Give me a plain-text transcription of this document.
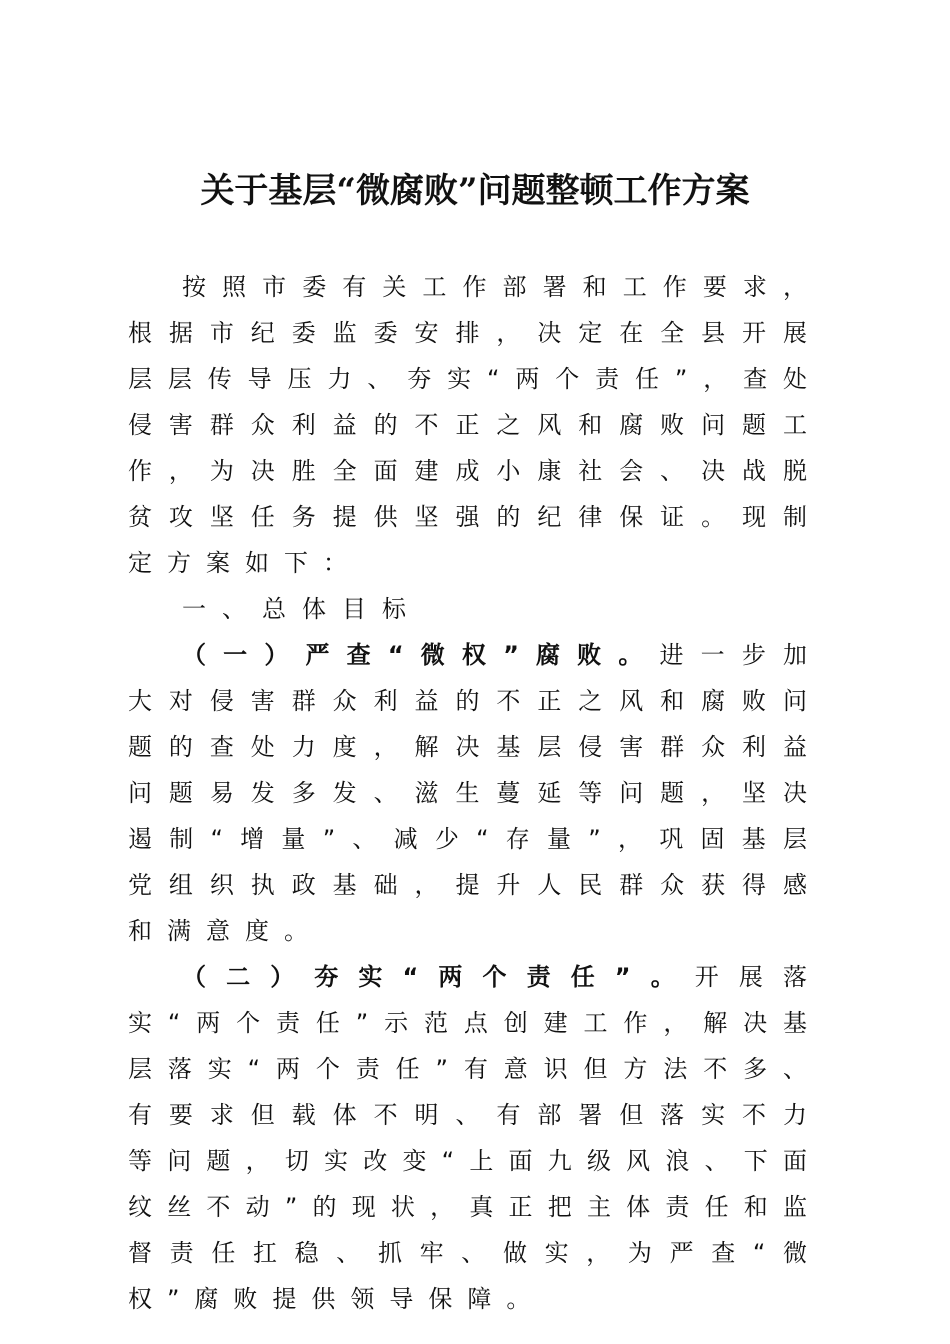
关于基层“微腐败”问题整顿工作方案

按照市委有关工作部署和工作要求，根据市纪委监委安排，决定在全县开展层层传导压力、夯实“两个责任”，查处侵害群众利益的不正之风和腐败问题工作，为决胜全面建成小康社会、决战脱贫攻坚任务提供坚强的纪律保证。现制定方案如下：

一、总体目标

（一）严查“微权”腐败。进一步加大对侵害群众利益的不正之风和腐败问题的查处力度，解决基层侵害群众利益问题易发多发、滋生蔓延等问题，坚决遏制“增量”、减少“存量”，巩固基层党组织执政基础，提升人民群众获得感和满意度。

（二）夯实“两个责任”。开展落实“两个责任”示范点创建工作，解决基层落实“两个责任”有意识但方法不多、有要求但载体不明、有部署但落实不力等问题，切实改变“上面九级风浪、下面纹丝不动”的现状，真正把主体责任和监督责任扛稳、抓牢、做实，为严查“微权”腐败提供领导保障。
